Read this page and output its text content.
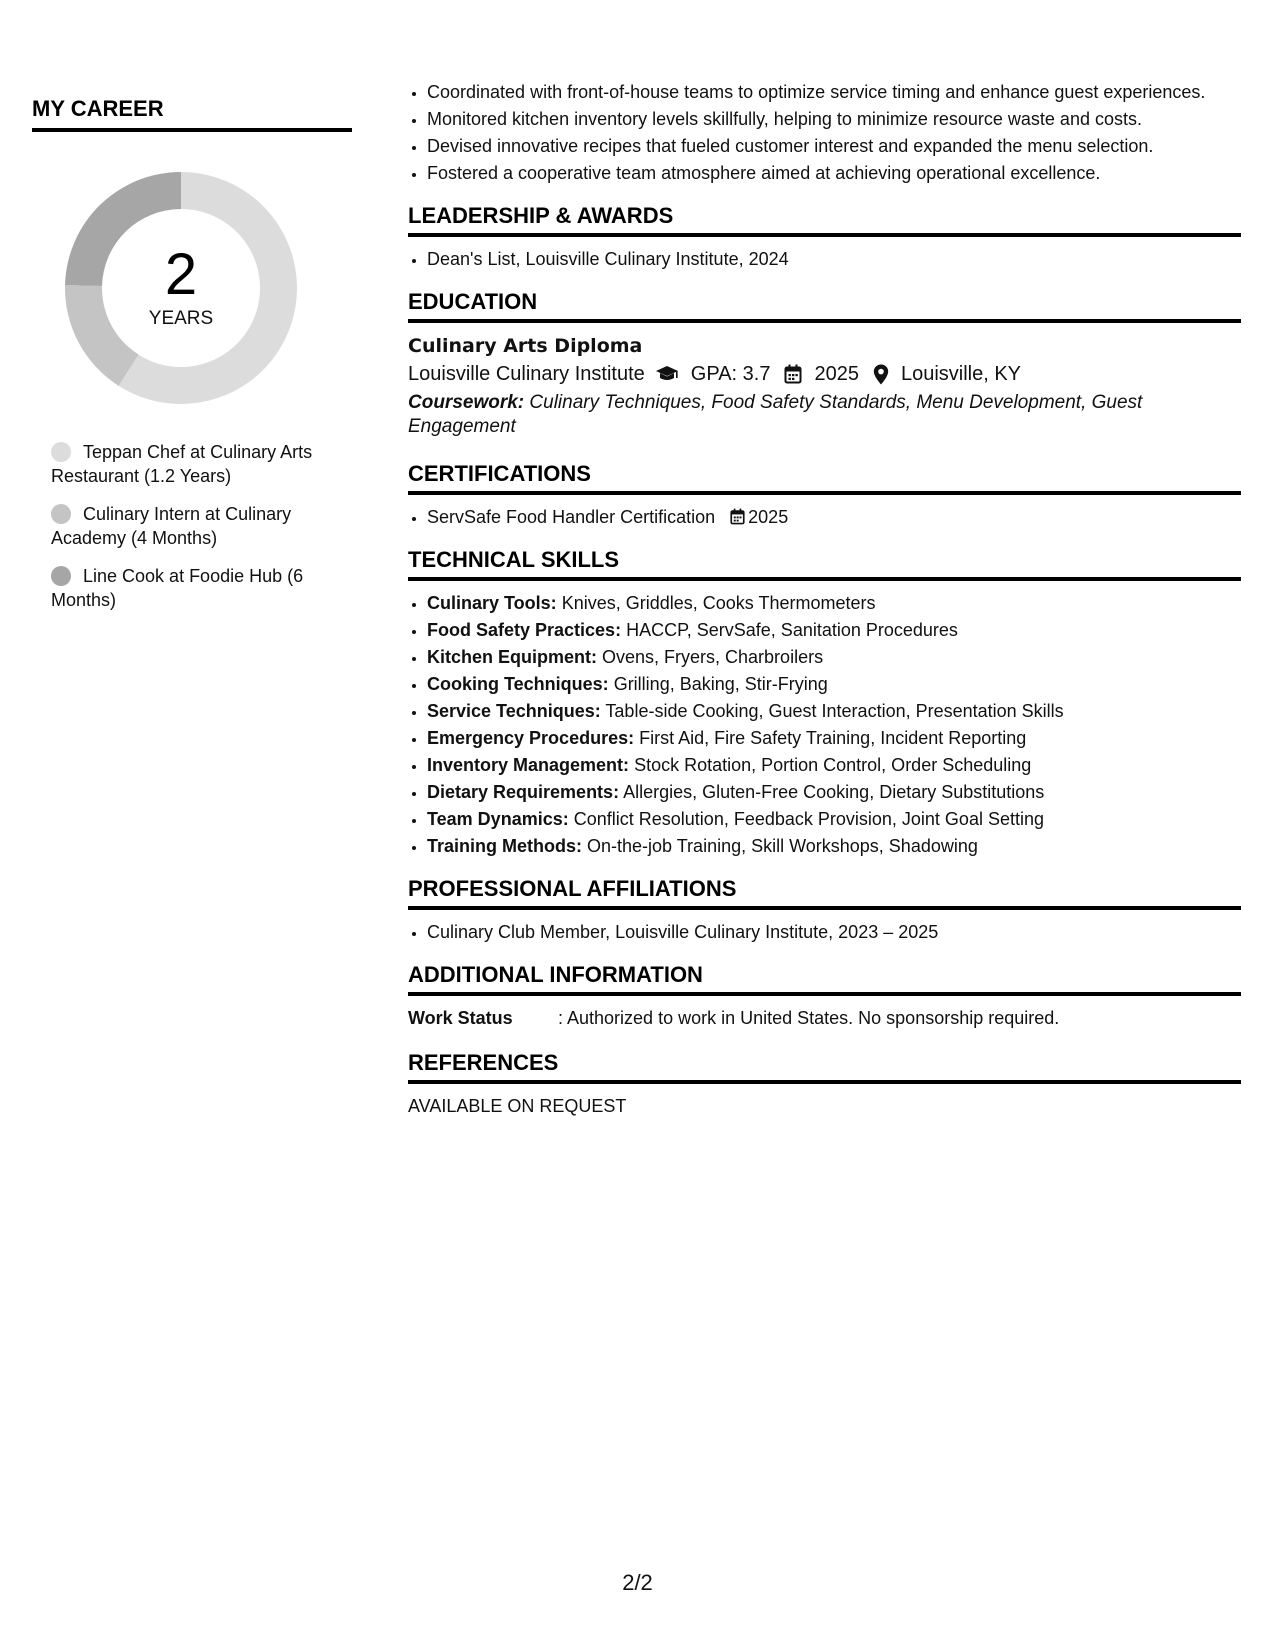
MY CAREER
2
YEARS
Teppan Chef at Culinary Arts Restaurant (1.2 Years)
Culinary Intern at Culinary Academy (4 Months)
Line Cook at Foodie Hub (6 Months)
• Coordinated with front-of-house teams to optimize service timing and enhance guest experiences.
• Monitored kitchen inventory levels skillfully, helping to minimize resource waste and costs.
• Devised innovative recipes that fueled customer interest and expanded the menu selection.
• Fostered a cooperative team atmosphere aimed at achieving operational excellence.
LEADERSHIP & AWARDS
• Dean's List, Louisville Culinary Institute, 2024
EDUCATION
Culinary Arts Diploma
Louisville Culinary Institute GPA: 3.7 2025 Louisville, KY
Coursework: Culinary Techniques, Food Safety Standards, Menu Development, Guest Engagement
CERTIFICATIONS
• ServSafe Food Handler Certification 2025
TECHNICAL SKILLS
• Culinary Tools: Knives, Griddles, Cooks Thermometers
• Food Safety Practices: HACCP, ServSafe, Sanitation Procedures
• Kitchen Equipment: Ovens, Fryers, Charbroilers
• Cooking Techniques: Grilling, Baking, Stir-Frying
• Service Techniques: Table-side Cooking, Guest Interaction, Presentation Skills
• Emergency Procedures: First Aid, Fire Safety Training, Incident Reporting
• Inventory Management: Stock Rotation, Portion Control, Order Scheduling
• Dietary Requirements: Allergies, Gluten-Free Cooking, Dietary Substitutions
• Team Dynamics: Conflict Resolution, Feedback Provision, Joint Goal Setting
• Training Methods: On-the-job Training, Skill Workshops, Shadowing
PROFESSIONAL AFFILIATIONS
• Culinary Club Member, Louisville Culinary Institute, 2023 – 2025
ADDITIONAL INFORMATION
Work Status	: Authorized to work in United States. No sponsorship required.
REFERENCES
AVAILABLE ON REQUEST
2/2
